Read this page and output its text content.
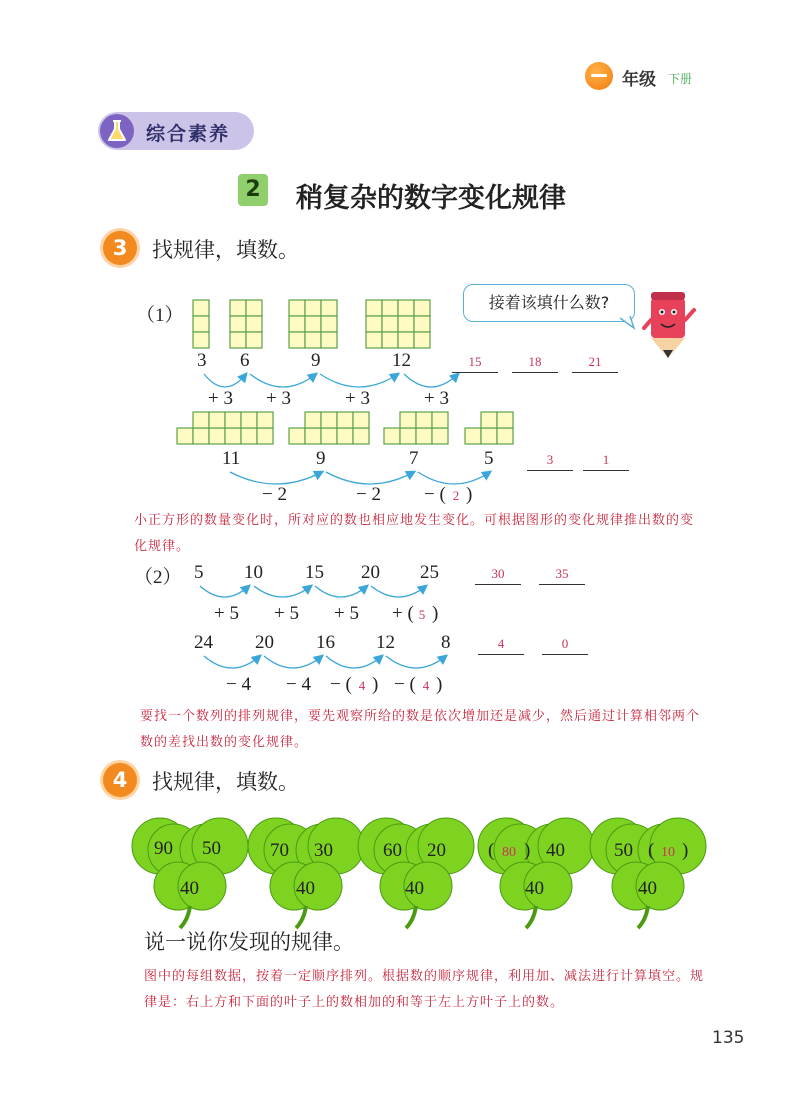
年级 下册
综合素养
2 稍复杂的数字变化规律
3	找规律，填数。
（1）
接着该填什么数?
3 6	9	12	15	18	21
+ 3 + 3	+ 3	+ 3
11	9	7	5	3	1
− 2	− 2 − ( 2 )
小正方形的数量变化时，所对应的数也相应地发生变化。可根据图形的变化规律推出数的变化规律。
（2） 5 10 15 20 25	30	35
+ 5 + 5 + 5 + ( 5 )
24 20 16 12 8	4	0
− 4 − 4 − ( 4 ) − ( 4 )
要找一个数列的排列规律，要先观察所给的数是依次增加还是减少，然后通过计算相邻两个数的差找出数的变化规律。
4	找规律，填数。
90 50
40
70 30
40
60 20
40
( 80 ) 40
40
50 ( 10 )
40
说一说你发现的规律。
图中的每组数据，按着一定顺序排列。根据数的顺序规律，利用加、减法进行计算填空。规律是：右上方和下面的叶子上的数相加的和等于左上方叶子上的数。
135
